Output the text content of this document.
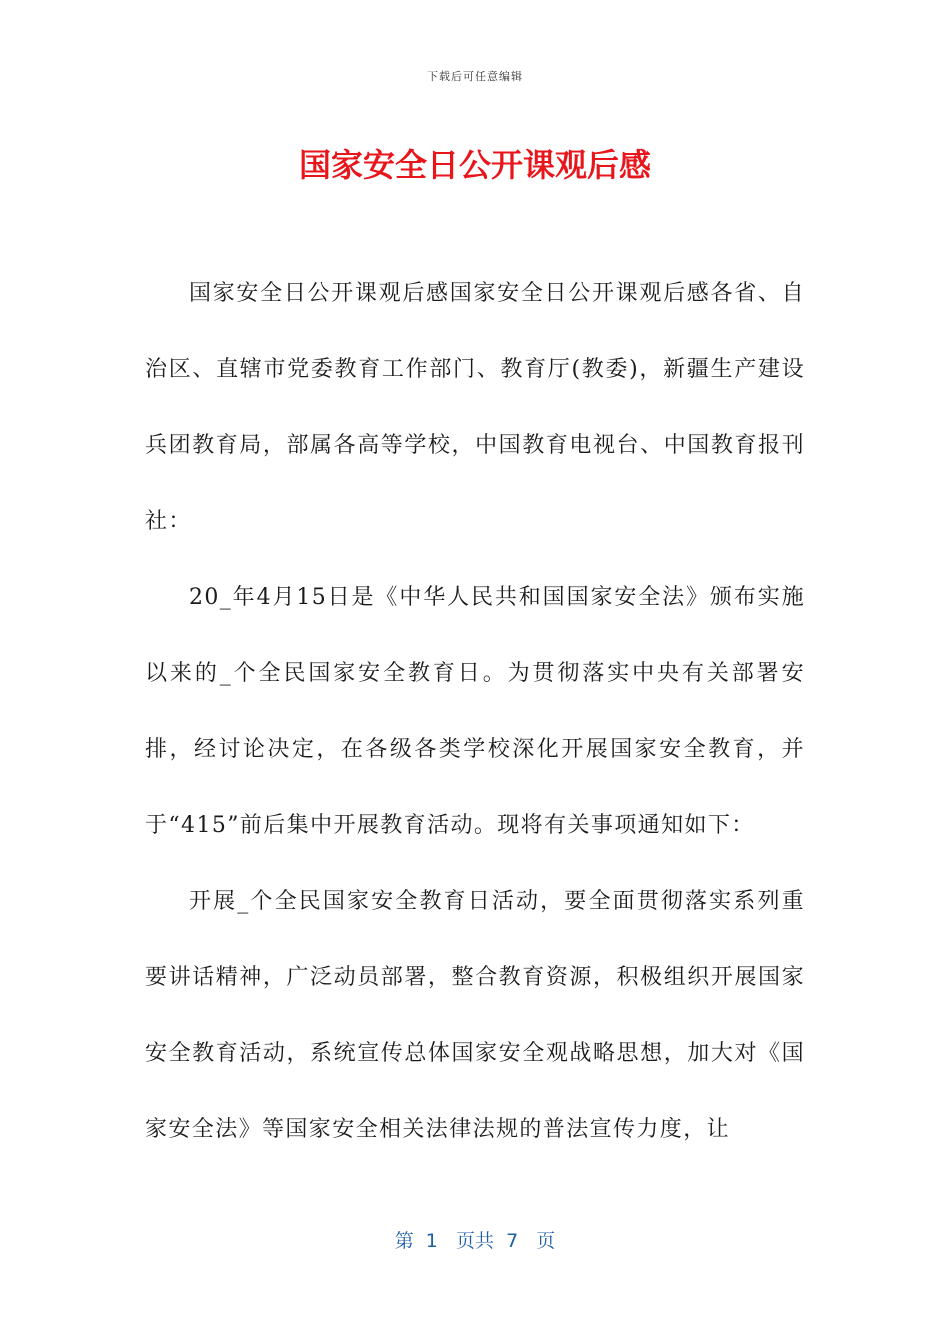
下载后可任意编辑
国家安全日公开课观后感

国家安全日公开课观后感国家安全日公开课观后感各省、自治区、直辖市党委教育工作部门、教育厅(教委)，新疆生产建设兵团教育局，部属各高等学校，中国教育电视台、中国教育报刊社：

20_年4月15日是《中华人民共和国国家安全法》颁布实施以来的_个全民国家安全教育日。为贯彻落实中央有关部署安排，经讨论决定，在各级各类学校深化开展国家安全教育，并于“415”前后集中开展教育活动。现将有关事项通知如下：

开展_个全民国家安全教育日活动，要全面贯彻落实系列重要讲话精神，广泛动员部署，整合教育资源，积极组织开展国家安全教育活动，系统宣传总体国家安全观战略思想，加大对《国家安全法》等国家安全相关法律法规的普法宣传力度，让

第  1   页共  7   页
